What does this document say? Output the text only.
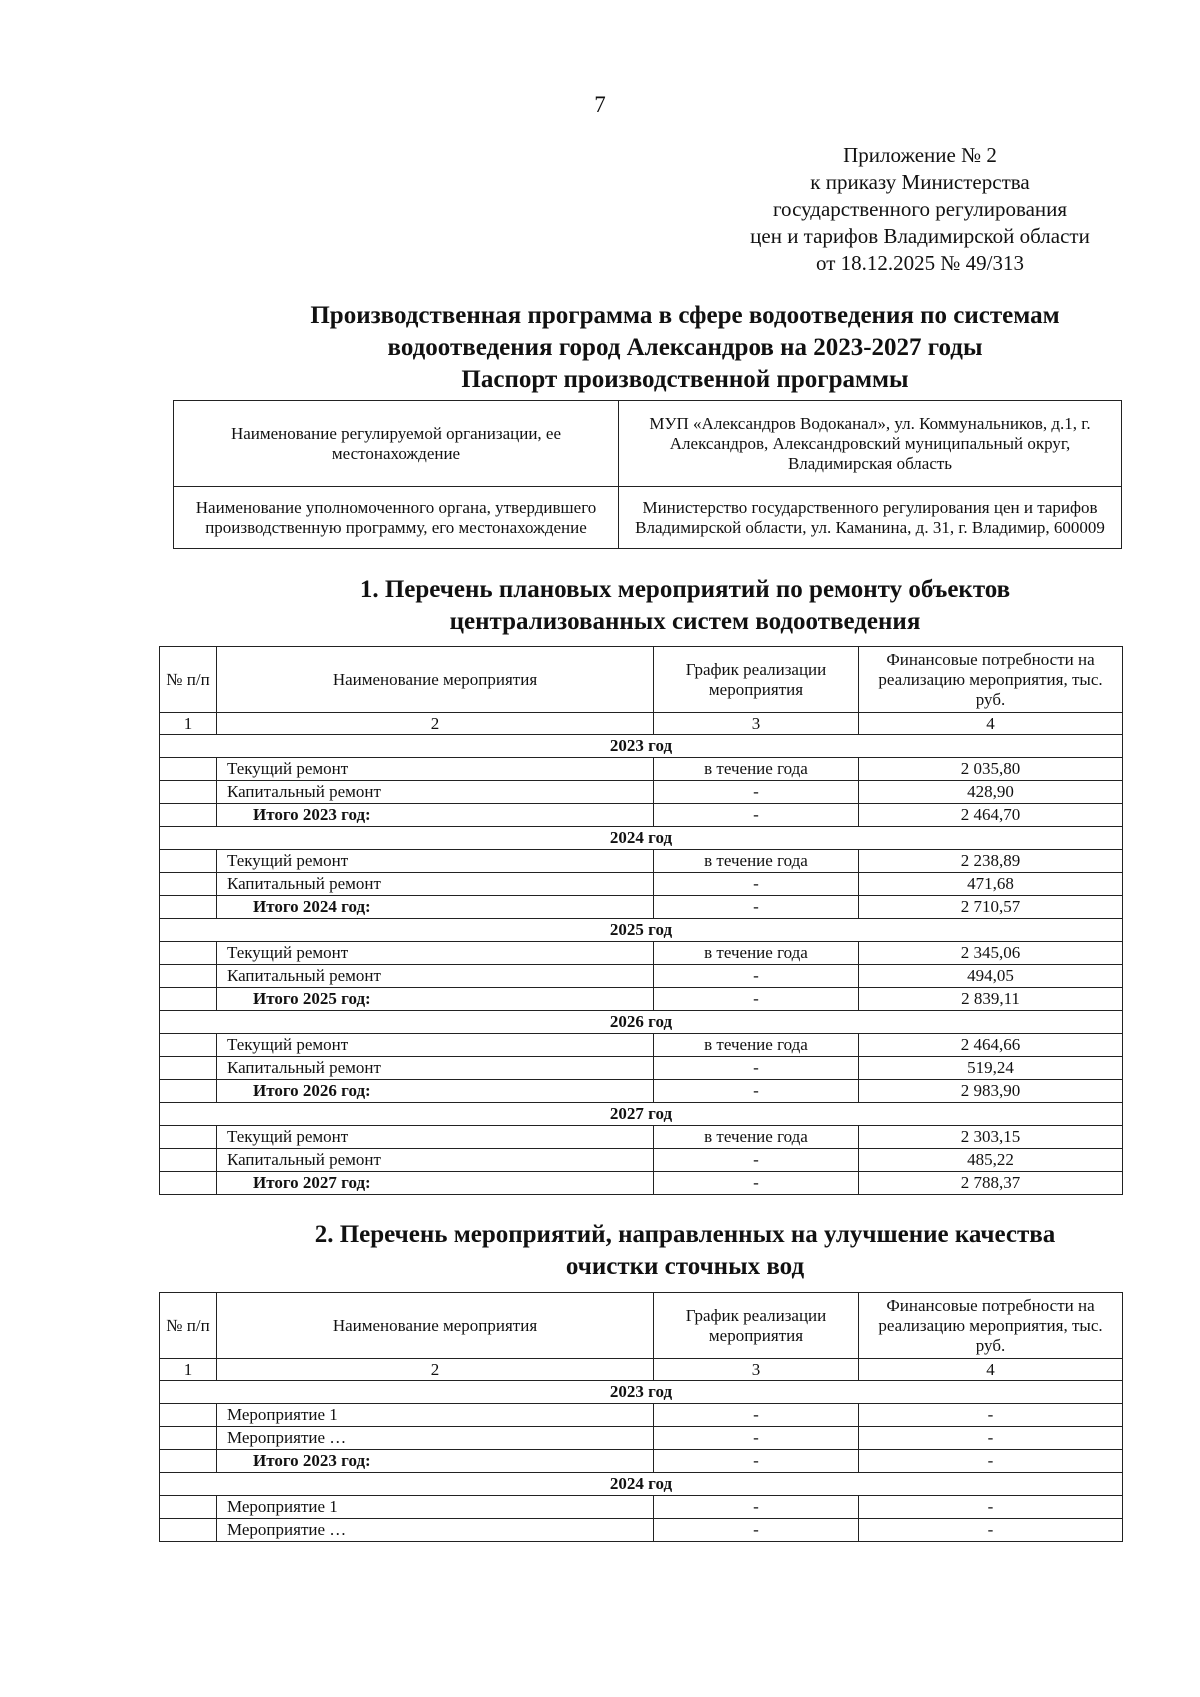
7
Приложение № 2
к приказу Министерства
государственного регулирования
цен и тарифов Владимирской области
от 18.12.2025 № 49/313
Производственная программа в сфере водоотведения по системам
водоотведения город Александров на 2023-2027 годы
Паспорт производственной программы
Наименование регулируемой организации, ее местонахождение	МУП «Александров Водоканал», ул. Коммунальников, д.1, г. Александров, Александровский муниципальный округ, Владимирская область
Наименование уполномоченного органа, утвердившего производственную программу, его местонахождение	Министерство государственного регулирования цен и тарифов Владимирской области, ул. Каманина, д. 31, г. Владимир, 600009
1. Перечень плановых мероприятий по ремонту объектов
централизованных систем водоотведения
№ п/п	Наименование мероприятия	График реализации мероприятия	Финансовые потребности на реализацию мероприятия, тыс. руб.
1	2	3	4
2023 год			
	Текущий ремонт	в течение года	2 035,80
	Капитальный ремонт	-	428,90
	Итого 2023 год:	-	2 464,70
2024 год			
	Текущий ремонт	в течение года	2 238,89
	Капитальный ремонт	-	471,68
	Итого 2024 год:	-	2 710,57
2025 год			
	Текущий ремонт	в течение года	2 345,06
	Капитальный ремонт	-	494,05
	Итого 2025 год:	-	2 839,11
2026 год			
	Текущий ремонт	в течение года	2 464,66
	Капитальный ремонт	-	519,24
	Итого 2026 год:	-	2 983,90
2027 год			
	Текущий ремонт	в течение года	2 303,15
	Капитальный ремонт	-	485,22
	Итого 2027 год:	-	2 788,37
2. Перечень мероприятий, направленных на улучшение качества
очистки сточных вод
№ п/п	Наименование мероприятия	График реализации мероприятия	Финансовые потребности на реализацию мероприятия, тыс. руб.
1	2	3	4
2023 год			
	Мероприятие 1	-	-
	Мероприятие …	-	-
	Итого 2023 год:	-	-
2024 год			
	Мероприятие 1	-	-
	Мероприятие …	-	-
